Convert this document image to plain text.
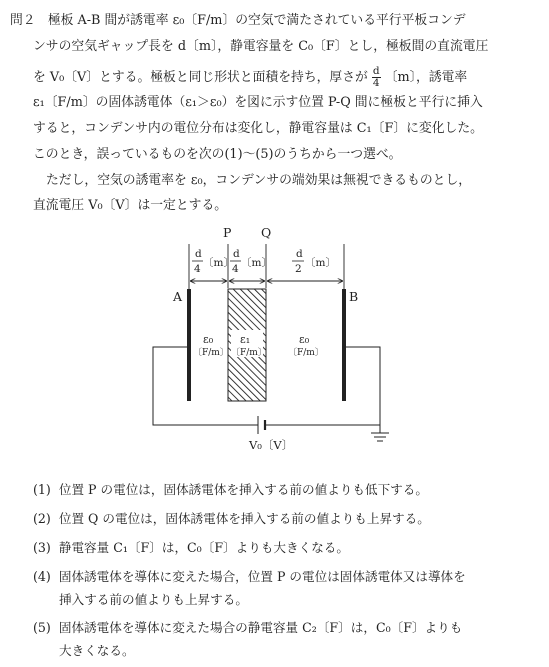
問２ 極板 A-B 間が誘電率 ε₀〔F/m〕の空気で満たされている平行平板コンデ
ンサの空気ギャップ長を d〔m〕，静電容量を C₀〔F〕とし，極板間の直流電圧
を V₀〔V〕とする。極板と同じ形状と面積を持ち，厚さが $\frac{d}{4}$ 〔m〕，誘電率
ε₁〔F/m〕の固体誘電体（ε₁＞ε₀）を図に示す位置 P-Q 間に極板と平行に挿入
すると，コンデンサ内の電位分布は変化し，静電容量は C₁〔F〕に変化した。
このとき，誤っているものを次の(1)〜(5)のうちから一つ選べ。
ただし，空気の誘電率を ε₀，コンデンサの端効果は無視できるものとし，
直流電圧 V₀〔V〕は一定とする。
P Q
d
4 〔m〕
d
4 〔m〕
d
2 〔m〕
A	B
ε₀
〔F/m〕
ε₁
〔F/m〕
ε₀
〔F/m〕
V₀〔V〕
(1) 位置 P の電位は，固体誘電体を挿入する前の値よりも低下する。
(2) 位置 Q の電位は，固体誘電体を挿入する前の値よりも上昇する。
(3) 静電容量 C₁〔F〕は，C₀〔F〕よりも大きくなる。
(4) 固体誘電体を導体に変えた場合，位置 P の電位は固体誘電体又は導体を
挿入する前の値よりも上昇する。
(5) 固体誘電体を導体に変えた場合の静電容量 C₂〔F〕は，C₀〔F〕よりも
大きくなる。
